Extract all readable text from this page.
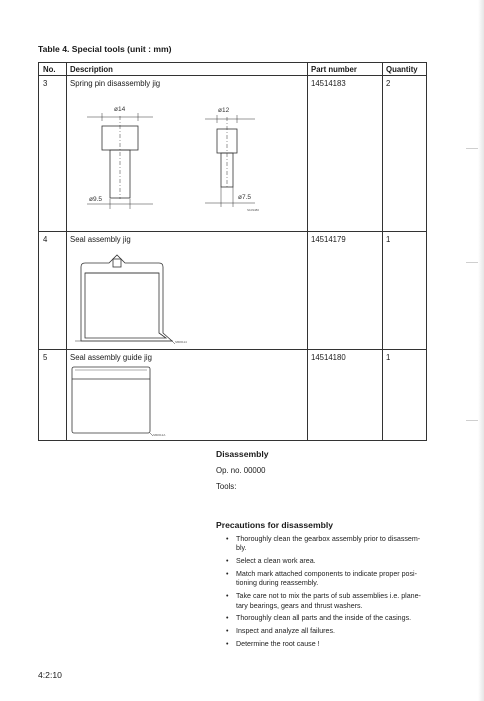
Table 4. Special tools (unit : mm)
No. Description	Part number	Quantity
3	Spring pin disassembly jig	14514183	2
4	Seal assembly jig	14514179	1
5	Seal assembly guide jig	14514180	1
ø14	ø12
ø9.5	ø7.5
S109480
S806114
S80612A
Disassembly
Op. no. 00000
Tools:
Precautions for disassembly
• Thoroughly clean the gearbox assembly prior to disassem-
bly.
• Select a clean work area.
• Match mark attached components to indicate proper posi-
tioning during reassembly.
• Take care not to mix the parts of sub assemblies i.e. plane-
tary bearings, gears and thrust washers.
• Thoroughly clean all parts and the inside of the casings.
• Inspect and analyze all failures.
• Determine the root cause !
4:2:10
